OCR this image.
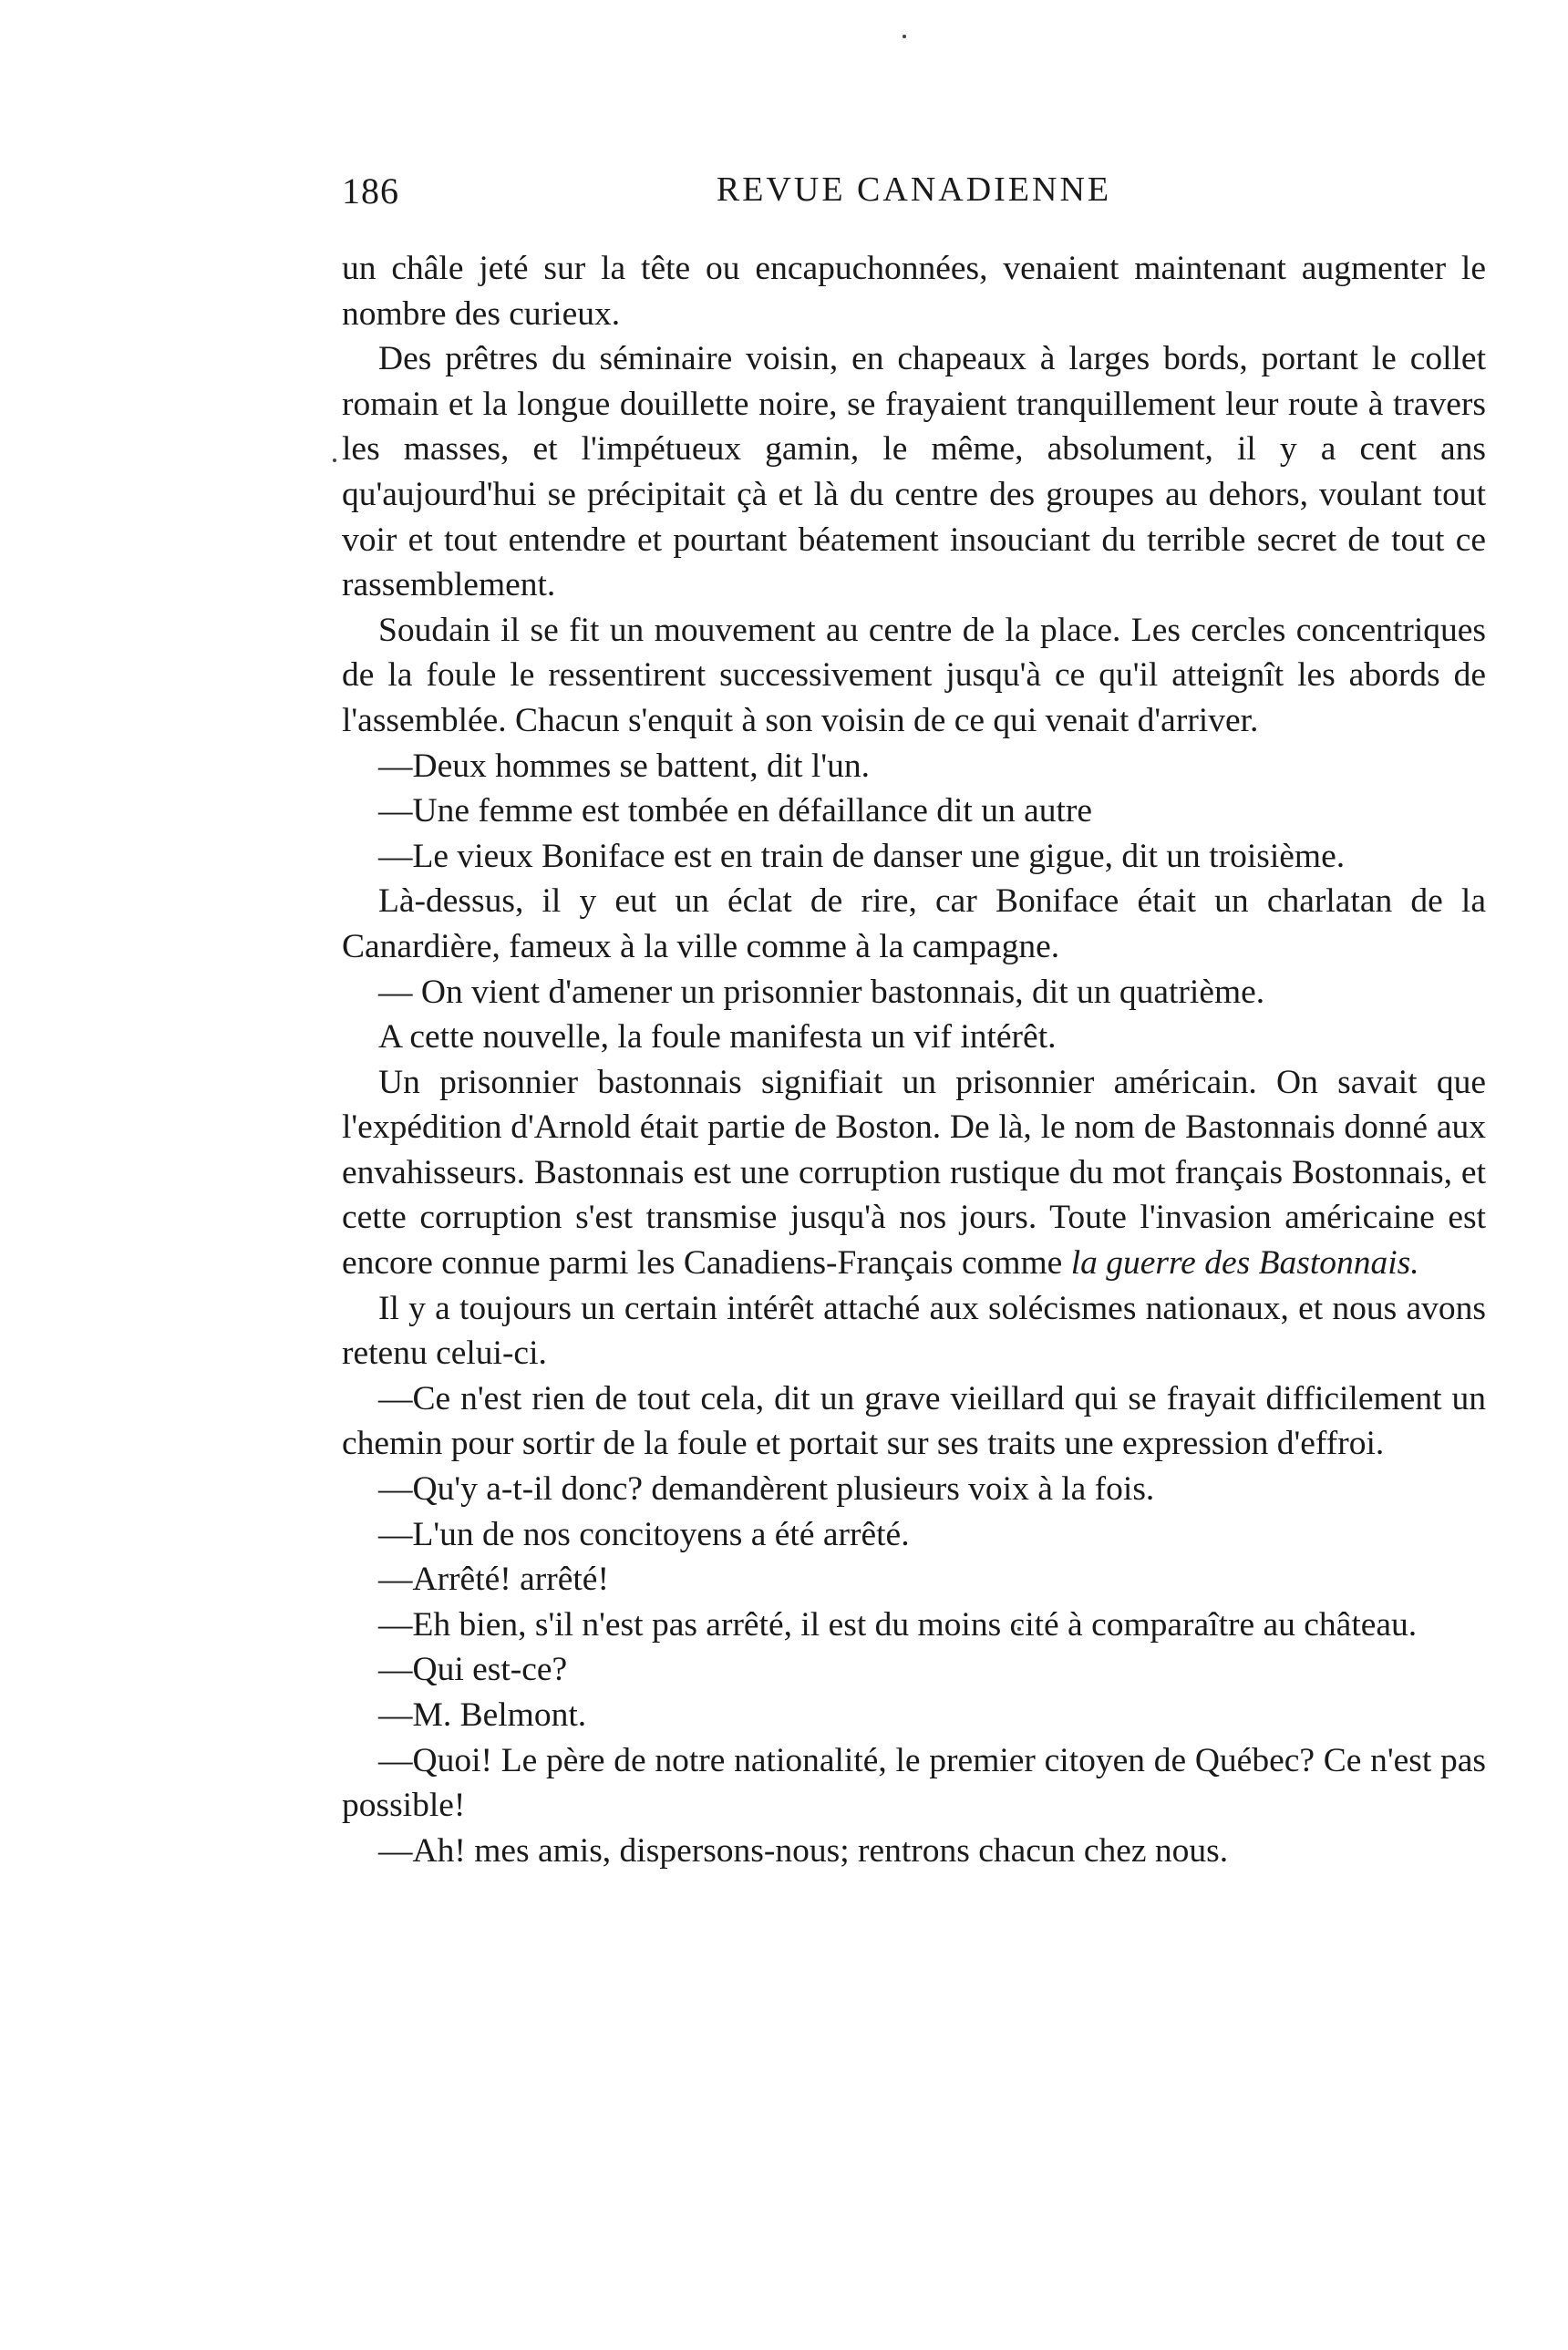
186	REVUE CANADIENNE

un châle jeté sur la tête ou encapuchonnées, venaient maintenant augmenter le nombre des curieux.

Des prêtres du séminaire voisin, en chapeaux à larges bords, portant le collet romain et la longue douillette noire, se frayaient tranquillement leur route à travers les masses, et l'impétueux gamin, le même, absolument, il y a cent ans qu'aujourd'hui se précipitait çà et là du centre des groupes au dehors, voulant tout voir et tout entendre et pourtant béatement insouciant du terrible secret de tout ce rassemblement.

Soudain il se fit un mouvement au centre de la place. Les cercles concentriques de la foule le ressentirent successivement jusqu'à ce qu'il atteignît les abords de l'assemblée. Chacun s'enquit à son voisin de ce qui venait d'arriver.

—Deux hommes se battent, dit l'un.

—Une femme est tombée en défaillance dit un autre

—Le vieux Boniface est en train de danser une gigue, dit un troisième.

Là-dessus, il y eut un éclat de rire, car Boniface était un charlatan de la Canardière, fameux à la ville comme à la campagne.

— On vient d'amener un prisonnier bastonnais, dit un quatrième.

A cette nouvelle, la foule manifesta un vif intérêt.

Un prisonnier bastonnais signifiait un prisonnier américain. On savait que l'expédition d'Arnold était partie de Boston. De là, le nom de Bastonnais donné aux envahisseurs. Bastonnais est une corruption rustique du mot français Bostonnais, et cette corruption s'est transmise jusqu'à nos jours. Toute l'invasion américaine est encore connue parmi les Canadiens-Français comme la guerre des Bastonnais.

Il y a toujours un certain intérêt attaché aux solécismes nationaux, et nous avons retenu celui-ci.

—Ce n'est rien de tout cela, dit un grave vieillard qui se frayait difficilement un chemin pour sortir de la foule et portait sur ses traits une expression d'effroi.

—Qu'y a-t-il donc? demandèrent plusieurs voix à la fois.

—L'un de nos concitoyens a été arrêté.

—Arrêté! arrêté!

—Eh bien, s'il n'est pas arrêté, il est du moins cité à comparaître au château.

—Qui est-ce?

—M. Belmont.

—Quoi! Le père de notre nationalité, le premier citoyen de Québec? Ce n'est pas possible!

—Ah! mes amis, dispersons-nous; rentrons chacun chez nous.
